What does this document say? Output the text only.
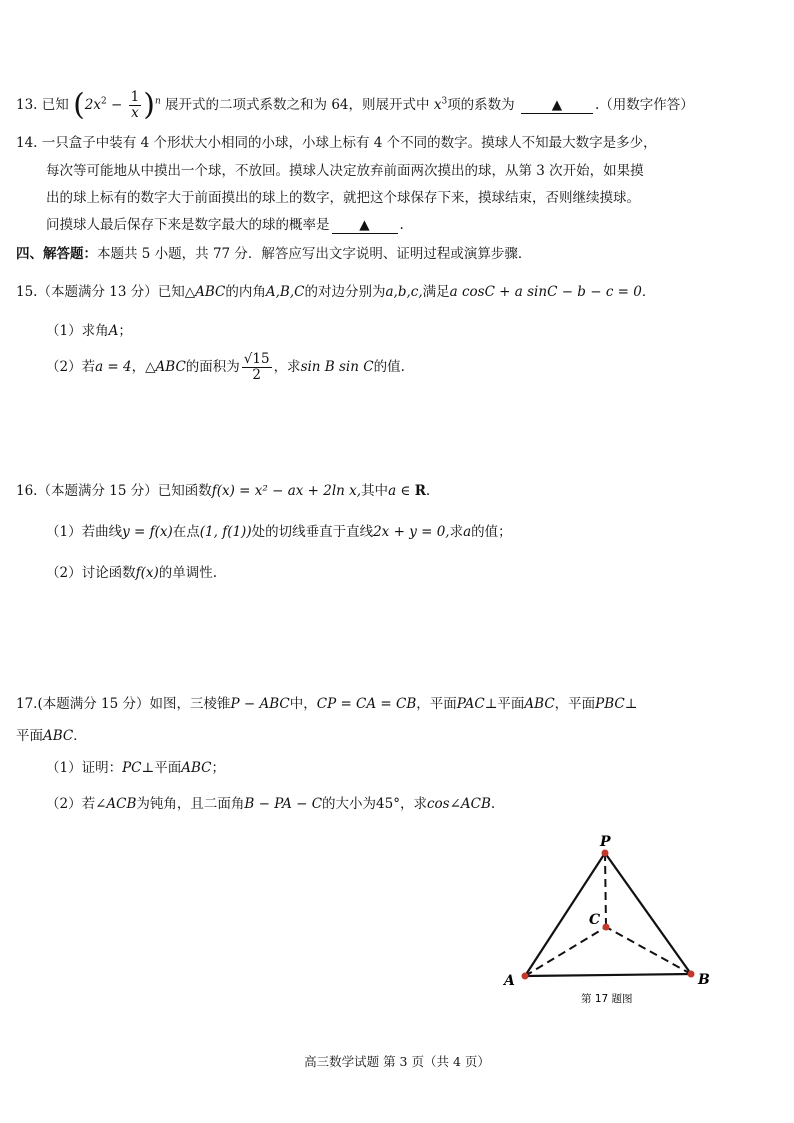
13. 已知 $(2x^2 - \frac{1}{x} )^n$ 展开式的二项式系数之和为 64，则展开式中 $x^3$项的系数为	▲ .（用数字作答）
14. 一只盒子中装有 4 个形状大小相同的小球，小球上标有 4 个不同的数字。摸球人不知最大数字是多少，
每次等可能地从中摸出一个球，不放回。摸球人决定放弃前面两次摸出的球，从第 3 次开始，如果摸
出的球上标有的数字大于前面摸出的球上的数字，就把这个球保存下来，摸球结束，否则继续摸球。
问摸球人最后保存下来是数字最大的球的概率是 ▲ .
四、解答题：本题共 5 小题，共 77 分．解答应写出文字说明、证明过程或演算步骤．
15.（本题满分 13 分）已知△ABC的内角A,B,C的对边分别为a,b,c,满足a cosC + a sinC − b − c = 0．
（1）求角A；
（2）若a = 4，△ABC的面积为 $\frac{√15}{2}$ ，求sin B sin C的值.
16.（本题满分 15 分）已知函数f(x) = x² − ax + 2ln x,其中a ∈ R.
（1）若曲线y = f(x)在点(1, f(1))处的切线垂直于直线2x + y = 0,求a的值；
（2）讨论函数f(x)的单调性.
17.(本题满分 15 分）如图，三棱锥P − ABC中，CP = CA = CB，平面PAC⊥平面ABC，平面PBC⊥
平面ABC．
（1）证明：PC⊥平面ABC；
（2）若∠ACB为钝角，且二面角B − PA − C的大小为45°，求cos∠ACB.
P
C
A	B
第 17 题图
高三数学试题 第 3 页（共 4 页）
